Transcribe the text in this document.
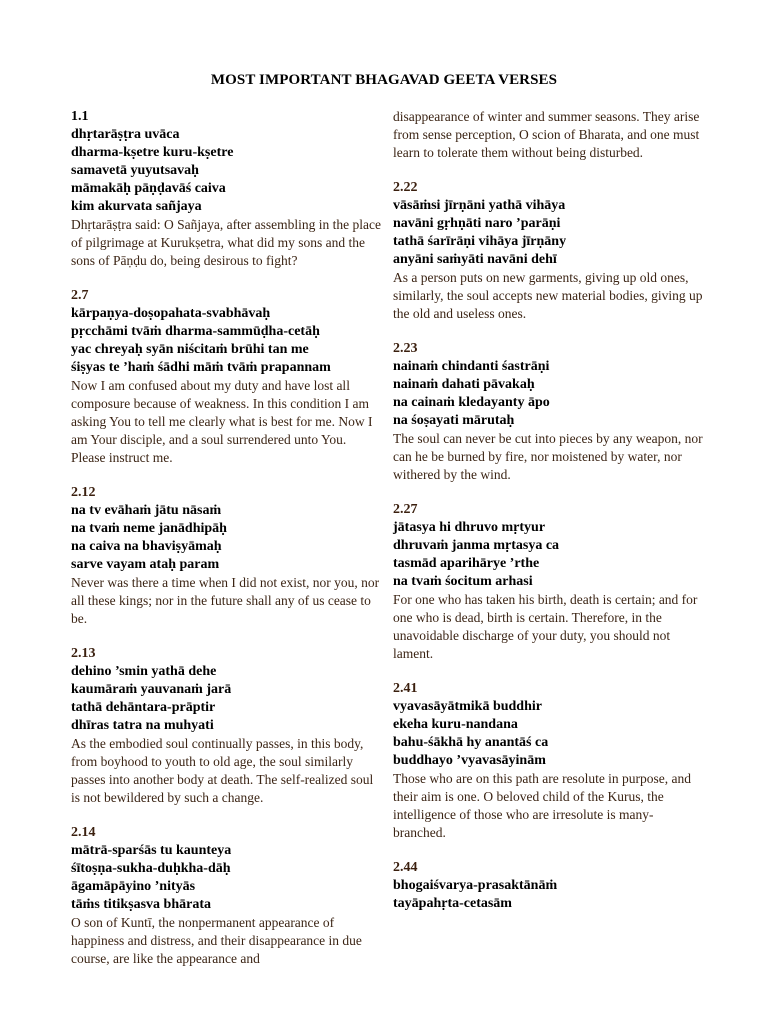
MOST IMPORTANT BHAGAVAD GEETA VERSES
1.1
dhṛtarāṣṭra uvāca
dharma-kṣetre kuru-kṣetre
samavetā yuyutsavaḥ
māmakāḥ pāṇḍavāś caiva
kim akurvata sañjaya
Dhṛtarāṣṭra said: O Sañjaya, after assembling in the place of pilgrimage at Kurukṣetra, what did my sons and the sons of Pāṇḍu do, being desirous to fight?
2.7
kārpaṇya-doṣopahata-svabhāvaḥ
pṛcchāmi tvāṁ dharma-sammūḍha-cetāḥ
yac chreyaḥ syān niścitaṁ brūhi tan me
śiṣyas te ’haṁ śādhi māṁ tvāṁ prapannam
Now I am confused about my duty and have lost all composure because of weakness. In this condition I am asking You to tell me clearly what is best for me. Now I am Your disciple, and a soul surrendered unto You. Please instruct me.
2.12
na tv evāhaṁ jātu nāsaṁ
na tvaṁ neme janādhipāḥ
na caiva na bhaviṣyāmaḥ
sarve vayam ataḥ param
Never was there a time when I did not exist, nor you, nor all these kings; nor in the future shall any of us cease to be.
2.13
dehino ’smin yathā dehe
kaumāraṁ yauvanaṁ jarā
tathā dehāntara-prāptir
dhīras tatra na muhyati
As the embodied soul continually passes, in this body, from boyhood to youth to old age, the soul similarly passes into another body at death. The self-realized soul is not bewildered by such a change.
2.14
mātrā-sparśās tu kaunteya
śītoṣṇa-sukha-duḥkha-dāḥ
āgamāpāyino ’nityās
tāṁs titikṣasva bhārata
O son of Kuntī, the nonpermanent appearance of happiness and distress, and their disappearance in due course, are like the appearance and
disappearance of winter and summer seasons. They arise from sense perception, O scion of Bharata, and one must learn to tolerate them without being disturbed.
2.22
vāsāṁsi jīrṇāni yathā vihāya
navāni gṛhṇāti naro ’parāṇi
tathā śarīrāṇi vihāya jīrṇāny
anyāni saṁyāti navāni dehī
As a person puts on new garments, giving up old ones, similarly, the soul accepts new material bodies, giving up the old and useless ones.
2.23
nainaṁ chindanti śastrāṇi
nainaṁ dahati pāvakaḥ
na cainaṁ kledayanty āpo
na śoṣayati mārutaḥ
The soul can never be cut into pieces by any weapon, nor can he be burned by fire, nor moistened by water, nor withered by the wind.
2.27
jātasya hi dhruvo mṛtyur
dhruvaṁ janma mṛtasya ca
tasmād aparihārye ’rthe
na tvaṁ śocitum arhasi
For one who has taken his birth, death is certain; and for one who is dead, birth is certain. Therefore, in the unavoidable discharge of your duty, you should not lament.
2.41
vyavasāyātmikā buddhir
ekeha kuru-nandana
bahu-śākhā hy anantāś ca
buddhayo ’vyavasāyinām
Those who are on this path are resolute in purpose, and their aim is one. O beloved child of the Kurus, the intelligence of those who are irresolute is many-branched.
2.44
bhogaiśvarya-prasaktānāṁ
tayāpahṛta-cetasām
